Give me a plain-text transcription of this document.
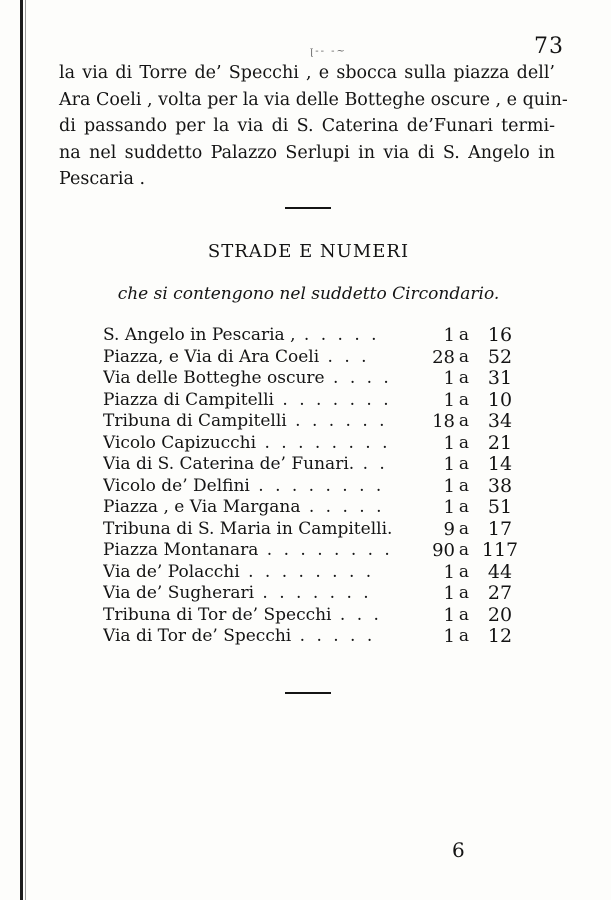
ꞁ-- -~	73
la via di Torre de’ Specchi , e sbocca sulla piazza dell’
Ara Coeli , volta per la via delle Botteghe oscure , e quin-
di passando per la via di S. Caterina de’Funari termi-
na nel suddetto Palazzo Serlupi in via di S. Angelo in
Pescaria .
STRADE E NUMERI
che si contengono nel suddetto Circondario.
S. Angelo in Pescaria , . . . . .	1 a 16
Piazza, e Via di Ara Coeli . . .	28 a 52
Via delle Botteghe oscure . . . .	1 a 31
Piazza di Campitelli . . . . . . .	1 a 10
Tribuna di Campitelli . . . . . .	18 a 34
Vicolo Capizucchi . . . . . . . .	1 a 21
Via di S. Caterina de’ Funari. . .	1 a 14
Vicolo de’ Delfini . . . . . . . .	1 a 38
Piazza , e Via Margana . . . . .	1 a 51
Tribuna di S. Maria in Campitelli.	9 a 17
Piazza Montanara . . . . . . . .	90 a 117
Via de’ Polacchi . . . . . . . .	1 a 44
Via de’ Sugherari . . . . . . .	1 a 27
Tribuna di Tor de’ Specchi . . .	1 a 20
Via di Tor de’ Specchi . . . . .	1 a 12
6
